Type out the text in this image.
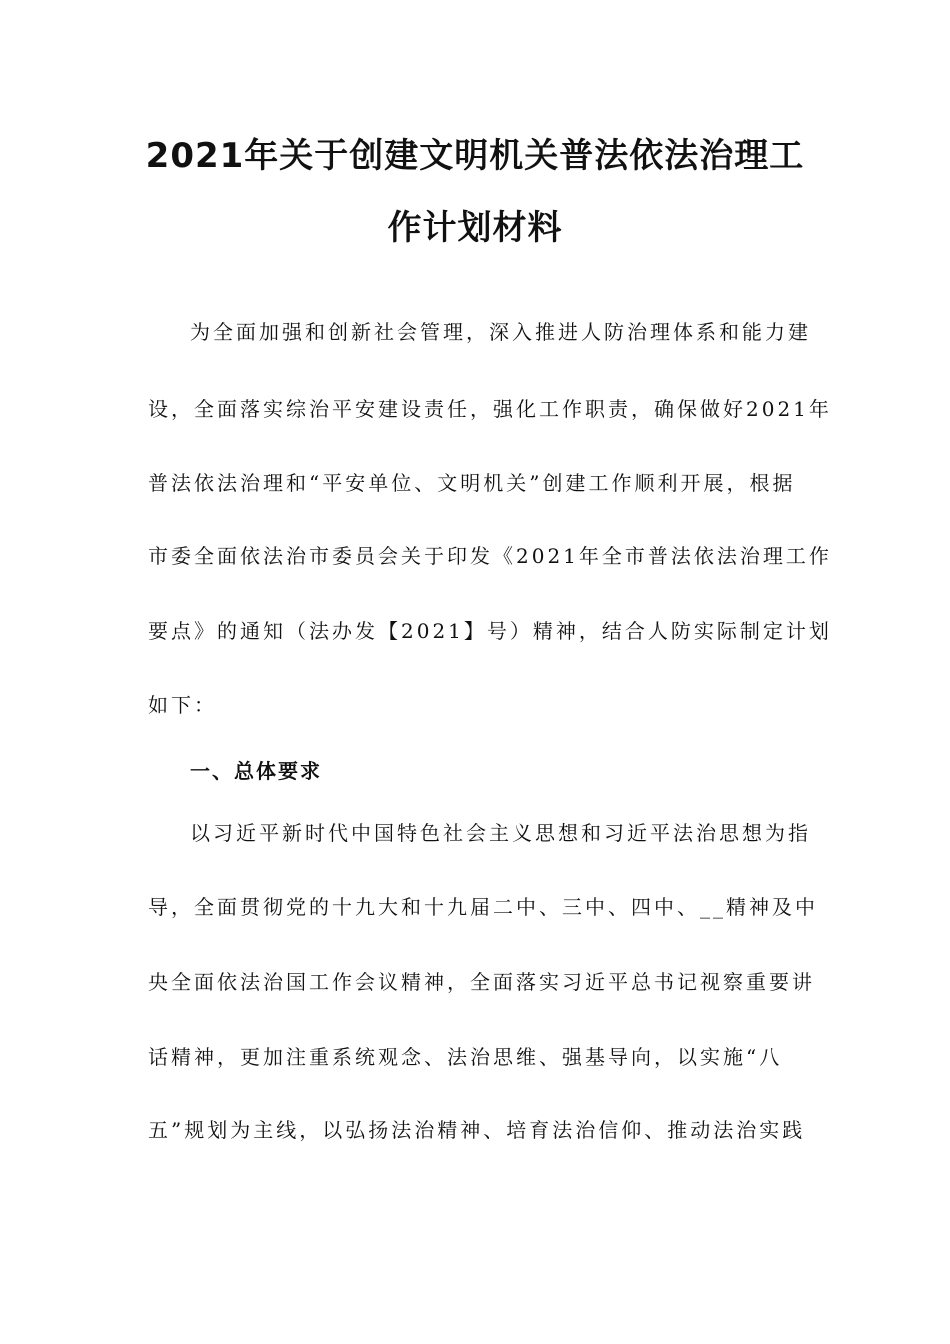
2021年关于创建文明机关普法依法治理工
作计划材料
为全面加强和创新社会管理，深入推进人防治理体系和能力建
设，全面落实综治平安建设责任，强化工作职责，确保做好2021年
普法依法治理和“平安单位、文明机关”创建工作顺利开展，根据
市委全面依法治市委员会关于印发《2021年全市普法依法治理工作
要点》的通知（法办发【2021】号）精神，结合人防实际制定计划
如下：
一、总体要求
以习近平新时代中国特色社会主义思想和习近平法治思想为指
导，全面贯彻党的十九大和十九届二中、三中、四中、__精神及中
央全面依法治国工作会议精神，全面落实习近平总书记视察重要讲
话精神，更加注重系统观念、法治思维、强基导向，以实施“八
五”规划为主线，以弘扬法治精神、培育法治信仰、推动法治实践
